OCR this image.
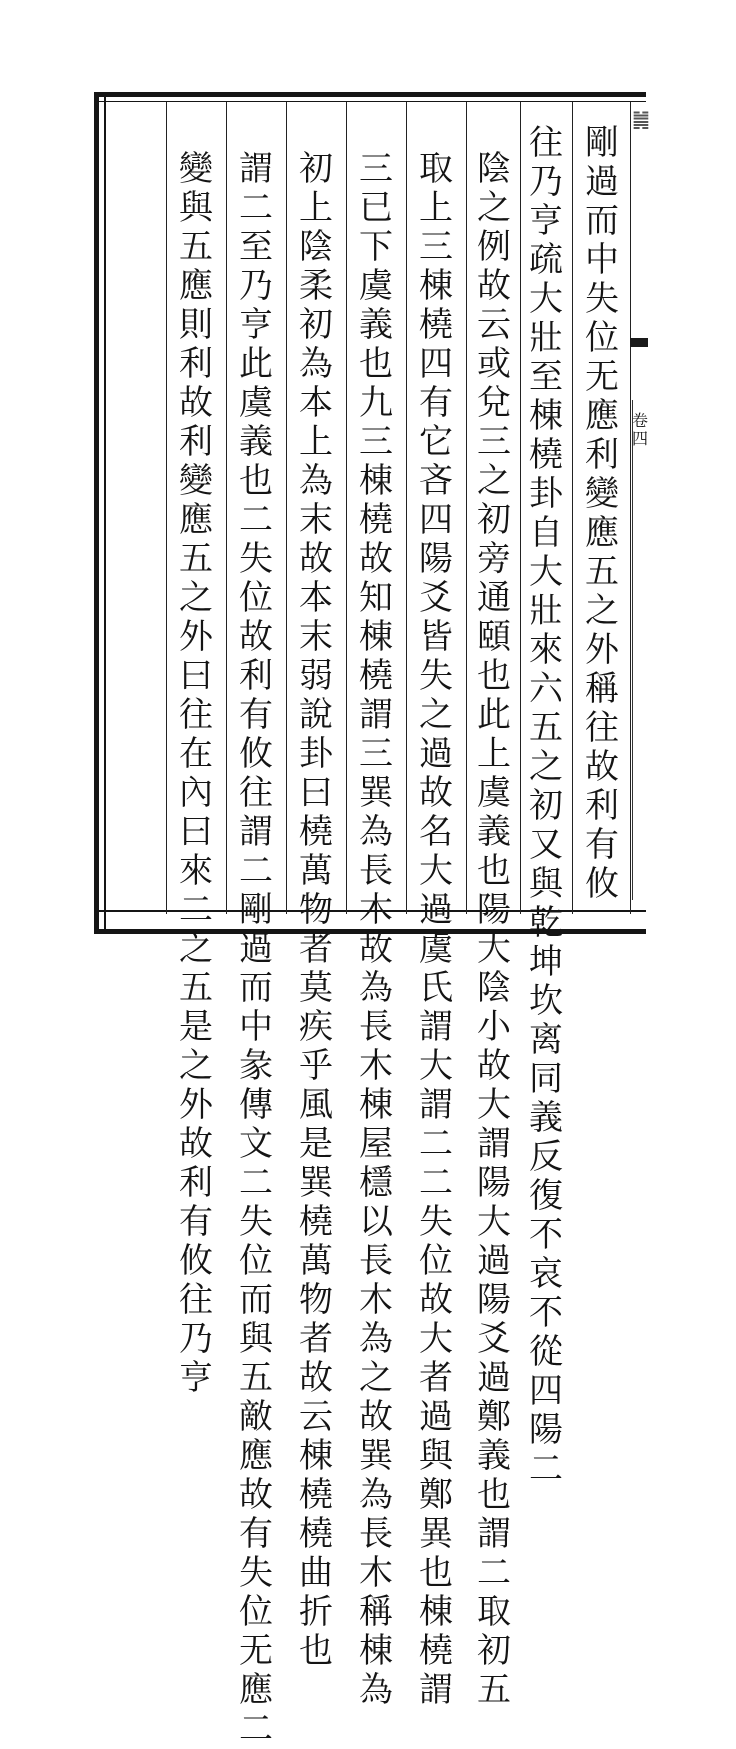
剛過而中失位无應利變應五之外稱往故利有攸
往乃亨疏大壯至棟橈卦自大壯來六五之初又與乾坤坎离同義反復不哀不從四陽二
陰之例故云或兌三之初旁通頤也此上虞義也陽大陰小故大謂陽大過陽爻過鄭義也謂二取初五
取上三棟橈四有它吝四陽爻皆失之過故名大過虞氏謂大謂二二失位故大者過與鄭異也棟橈謂
三已下虞義也九三棟橈故知棟橈謂三巽為長木故為長木棟屋檼以長木為之故巽為長木稱棟為
初上陰柔初為本上為末故本末弱說卦曰橈萬物者莫疾乎風是巽橈萬物者故云棟橈橈曲折也
謂二至乃亨此虞義也二失位故利有攸往謂二剛過而中彖傳文二失位而與五敵應故有失位无應二
變與五應則利故利變應五之外曰往在內曰來二之五是之外故利有攸往乃亨
䷛
卷四
